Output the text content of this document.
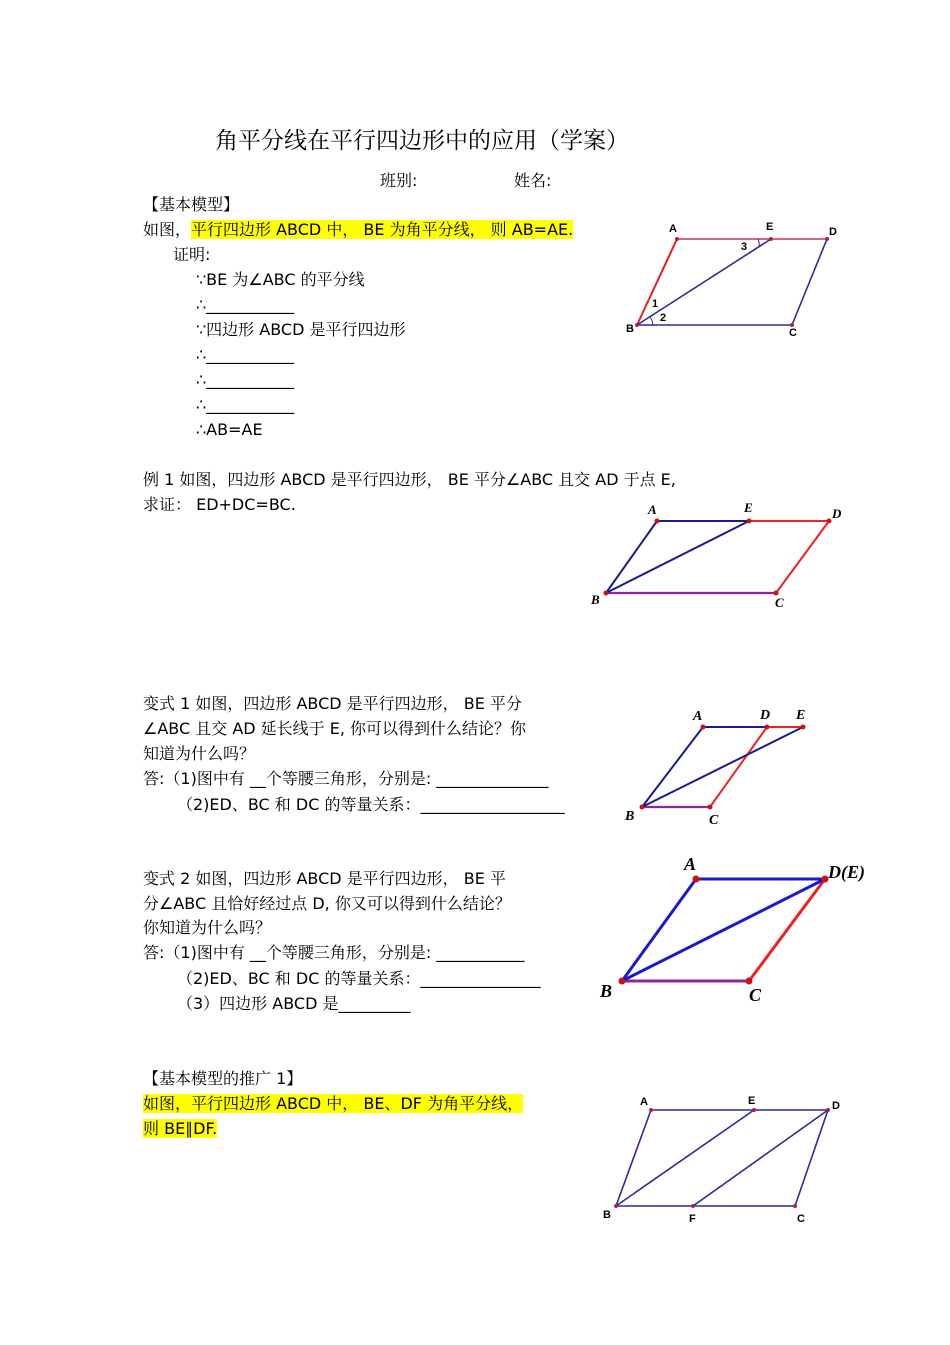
角平分线在平行四边形中的应用（学案）
班别:	姓名:
【基本模型】
如图，平行四边形 ABCD 中， BE 为角平分线， 则 AB=AE.
证明:
∵BE 为∠ABC 的平分线
∴___________
∵四边形 ABCD 是平行四边形
∴___________
∴___________
∴___________
∴AB=AE
A	E	D
B	C
1
2
3
例 1 如图，四边形 ABCD 是平行四边形， BE 平分∠ABC 且交 AD 于点 E,
求证： ED+DC=BC.	A	E	D
B	C
变式 1 如图，四边形 ABCD 是平行四边形， BE 平分
∠ABC 且交 AD 延长线于 E, 你可以得到什么结论？你
知道为什么吗？
答:（1)图中有 __个等腰三角形，分别是: ______________
（2)ED、BC 和 DC 的等量关系：__________________
A	D E
B	C
变式 2 如图，四边形 ABCD 是平行四边形， BE 平
分∠ABC 且恰好经过点 D, 你又可以得到什么结论？
你知道为什么吗？
答:（1)图中有 __个等腰三角形，分别是: ___________
（2)ED、BC 和 DC 的等量关系：_______________
（3）四边形 ABCD 是_________
A	D(E)
B	C
【基本模型的推广 1】
如图，平行四边形 ABCD 中， BE、DF 为角平分线，
则 BE∥DF.
A	E	D
B	F	C
